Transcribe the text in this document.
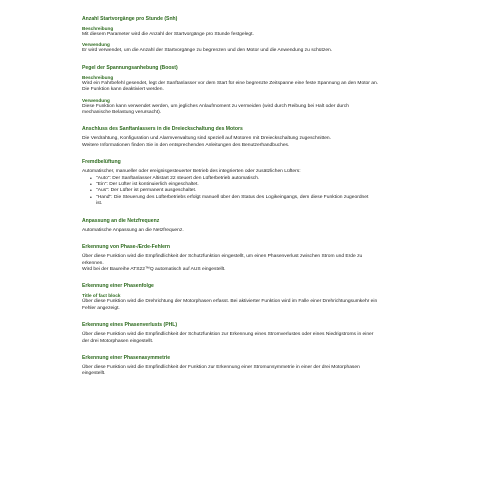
Anzahl Startvorgänge pro Stunde (Snh)
Beschreibung

Mit diesem Parameter wird die Anzahl der Startvorgänge pro Stunde festgelegt.

Verwendung

Er wird verwendet, um die Anzahl der Startvorgänge zu begrenzen und den Motor und die Anwendung zu schützen.

Pegel der Spannungsanhebung (Boost)
Beschreibung

Wird ein Fahrbefehl gesendet, legt der Sanftanlasser vor dem Start für eine begrenzte Zeitspanne eine feste Spannung an den Motor an.

Die Funktion kann deaktiviert werden.

Verwendung

Diese Funktion kann verwendet werden, um jegliches Anlaufmoment zu vermeiden (wird durch Reibung bei Halt oder durch

mechanische Belastung verursacht).

Anschluss des Sanftanlassers in die Dreieckschaltung des Motors

Die Verdrahtung, Konfiguration und Alarmverwaltung sind speziell auf Motoren mit Dreieckschaltung zugeschnitten.

Weitere Informationen finden Sie in den entsprechenden Anleitungen des Benutzerhandbuches.

Fremdbelüftung

Automatischer, manueller oder ereignisgesteuerter Betrieb des integrierten oder zusätzlichen Lüfters:

• "Auto": Der Sanftanlasser Altistart 22 steuert den Lüfterbetrieb automatisch.
• "Ein": Der Lüfter ist kontinuierlich eingeschaltet.
• "Aus": Der Lüfter ist permanent ausgeschaltet.
• "Hand": Die Steuerung des Lüfterbetriebs erfolgt manuell über den Status des Logikeingangs, dem diese Funktion zugeordnet
ist.
Anpassung an die Netzfrequenz

Automatische Anpassung an die Netzfrequenz.

Erkennung von Phase-/Erde-Fehlern

Über diese Funktion wird die Empfindlichkeit der Schutzfunktion eingestellt, um einen Phasenverlust zwischen Strom und Erde zu

erkennen.

Wird bei der Baureihe ATS22™Q automatisch auf AUS eingestellt.

Erkennung einer Phasenfolge
Title of fact block

Über diese Funktion wird die Drehrichtung der Motorphasen erfasst. Bei aktivierter Funktion wird im Falle einer Drehrichtungsumkehr ein

Fehler angezeigt.

Erkennung eines Phasenverlusts (PHL)

Über diese Funktion wird die Empfindlichkeit der Schutzfunktion zur Erkennung eines Stromverlustes oder eines Niedrigstroms in einer

der drei Motorphasen eingestellt.

Erkennung einer Phasenasymmetrie

Über diese Funktion wird die Empfindlichkeit der Funktion zur Erkennung einer Stromunsymmetrie in einer der drei Motorphasen

eingestellt.
